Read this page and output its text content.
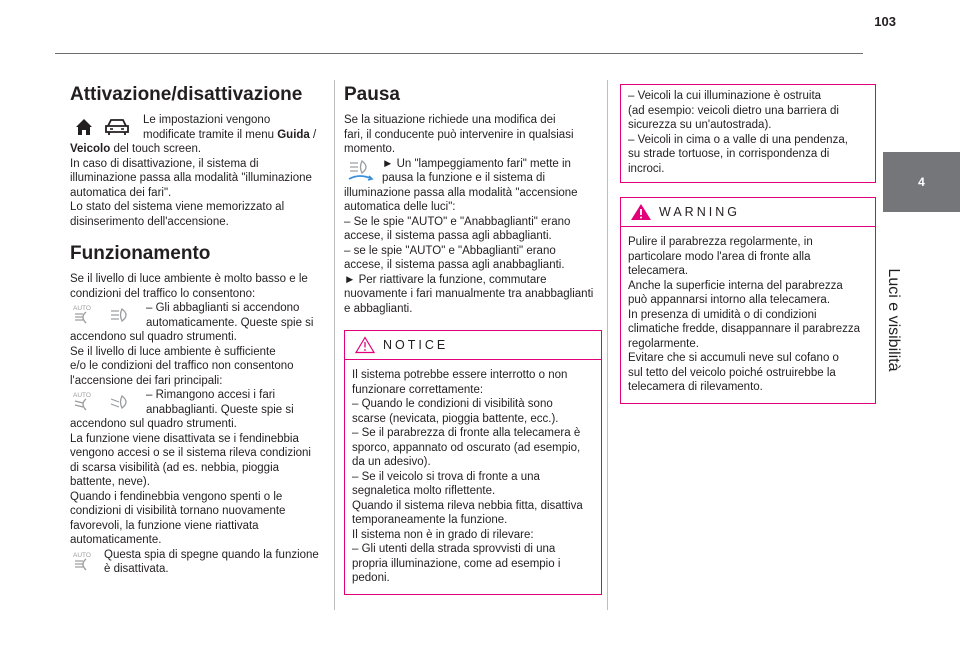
103
4
Luci e visibilità
Attivazione/disattivazione
Le impostazioni vengono
modificate tramite il menu Guida /
Veicolo del touch screen.
In caso di disattivazione, il sistema di
illuminazione passa alla modalità "illuminazione
automatica dei fari".
Lo stato del sistema viene memorizzato al
disinserimento dell'accensione.
Funzionamento
Se il livello di luce ambiente è molto basso e le
condizioni del traffico lo consentono:
AUTO	– Gli abbaglianti si accendono
automaticamente. Queste spie si
accendono sul quadro strumenti.
Se il livello di luce ambiente è sufficiente
e/o le condizioni del traffico non consentono
l'accensione dei fari principali:
AUTO	– Rimangono accesi i fari
anabbaglianti. Queste spie si
accendono sul quadro strumenti.
La funzione viene disattivata se i fendinebbia
vengono accesi o se il sistema rileva condizioni
di scarsa visibilità (ad es. nebbia, pioggia
battente, neve).
Quando i fendinebbia vengono spenti o le
condizioni di visibilità tornano nuovamente
favorevoli, la funzione viene riattivata
automaticamente.
AUTO	Questa spia di spegne quando la funzione
è disattivata.
Pausa
Se la situazione richiede una modifica dei
fari, il conducente può intervenire in qualsiasi
momento.
► Un "lampeggiamento fari" mette in
pausa la funzione e il sistema di
illuminazione passa alla modalità "accensione
automatica delle luci":
– Se le spie "AUTO" e "Anabbaglianti" erano
accese, il sistema passa agli abbaglianti.
– se le spie "AUTO" e "Abbaglianti" erano
accese, il sistema passa agli anabbaglianti.
► Per riattivare la funzione, commutare
nuovamente i fari manualmente tra anabbaglianti
e abbaglianti.
NOTICE
Il sistema potrebbe essere interrotto o non
funzionare correttamente:
– Quando le condizioni di visibilità sono
scarse (nevicata, pioggia battente, ecc.).
– Se il parabrezza di fronte alla telecamera è
sporco, appannato od oscurato (ad esempio,
da un adesivo).
– Se il veicolo si trova di fronte a una
segnaletica molto riflettente.
Quando il sistema rileva nebbia fitta, disattiva
temporaneamente la funzione.
Il sistema non è in grado di rilevare:
– Gli utenti della strada sprovvisti di una
propria illuminazione, come ad esempio i
pedoni.
– Veicoli la cui illuminazione è ostruita
(ad esempio: veicoli dietro una barriera di
sicurezza su un'autostrada).
– Veicoli in cima o a valle di una pendenza,
su strade tortuose, in corrispondenza di
incroci.
WARNING
Pulire il parabrezza regolarmente, in
particolare modo l'area di fronte alla
telecamera.
Anche la superficie interna del parabrezza
può appannarsi intorno alla telecamera.
In presenza di umidità o di condizioni
climatiche fredde, disappannare il parabrezza
regolarmente.
Evitare che si accumuli neve sul cofano o
sul tetto del veicolo poiché ostruirebbe la
telecamera di rilevamento.
